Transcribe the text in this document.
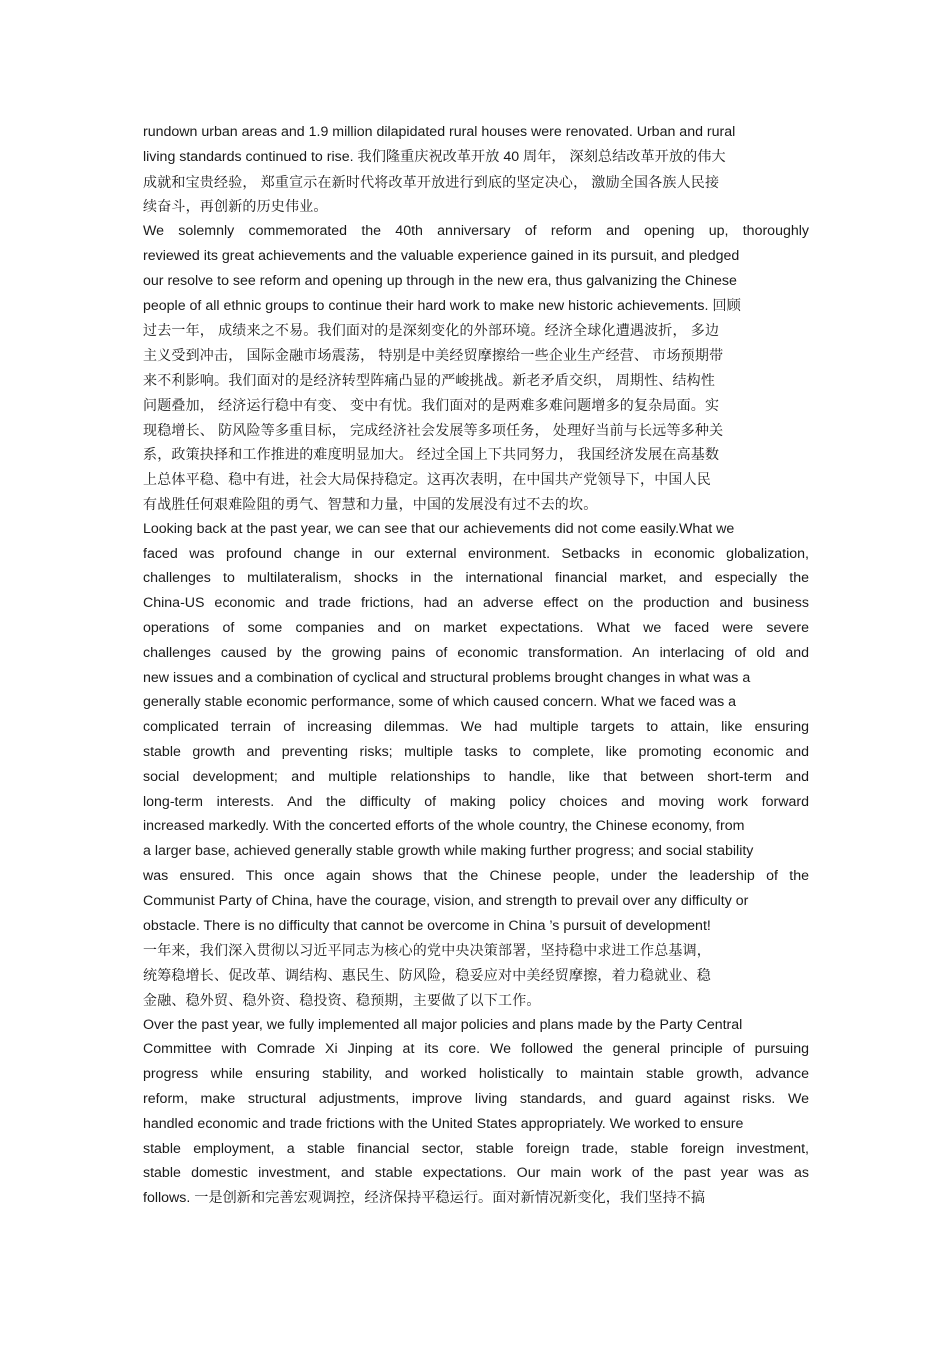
rundown urban areas and 1.9 million dilapidated rural houses were renovated. Urban and rural
living standards continued to rise. 我们隆重庆祝改革开放 40 周年， 深刻总结改革开放的伟大
成就和宝贵经验， 郑重宣示在新时代将改革开放进行到底的坚定决心， 激励全国各族人民接
续奋斗，再创新的历史伟业。
We solemnly commemorated the 40th anniversary of reform and opening up, thoroughly
reviewed its great achievements and the valuable experience gained in its pursuit, and pledged
our resolve to see reform and opening up through in the new era, thus galvanizing the Chinese
people of all ethnic groups to continue their hard work to make new historic achievements. 回顾
过去一年， 成绩来之不易。我们面对的是深刻变化的外部环境。经济全球化遭遇波折， 多边
主义受到冲击， 国际金融市场震荡， 特别是中美经贸摩擦给一些企业生产经营、 市场预期带
来不利影响。我们面对的是经济转型阵痛凸显的严峻挑战。新老矛盾交织， 周期性、结构性
问题叠加， 经济运行稳中有变、 变中有忧。我们面对的是两难多难问题增多的复杂局面。实
现稳增长、 防风险等多重目标， 完成经济社会发展等多项任务， 处理好当前与长远等多种关
系，政策抉择和工作推进的难度明显加大。 经过全国上下共同努力， 我国经济发展在高基数
上总体平稳、稳中有进，社会大局保持稳定。这再次表明，在中国共产党领导下，中国人民
有战胜任何艰难险阻的勇气、智慧和力量，中国的发展没有过不去的坎。
Looking back at the past year, we can see that our achievements did not come easily.What we
faced was profound change in our external environment. Setbacks in economic globalization,
challenges to multilateralism, shocks in the international financial market, and especially the
China-US economic and trade frictions, had an adverse effect on the production and business
operations of some companies and on market expectations. What we faced were severe
challenges caused by the growing pains of economic transformation. An interlacing of old and
new issues and a combination of cyclical and structural problems brought changes in what was a
generally stable economic performance, some of which caused concern. What we faced was a
complicated terrain of increasing dilemmas. We had multiple targets to attain, like ensuring
stable growth and preventing risks; multiple tasks to complete, like promoting economic and
social development; and multiple relationships to handle, like that between short-term and
long-term interests. And the difficulty of making policy choices and moving work forward
increased markedly. With the concerted efforts of the whole country, the Chinese economy, from
a larger base, achieved generally stable growth while making further progress; and social stability
was ensured. This once again shows that the Chinese people, under the leadership of the
Communist Party of China, have the courage, vision, and strength to prevail over any difficulty or
obstacle. There is no difficulty that cannot be overcome in China ’s pursuit of development!
一年来，我们深入贯彻以习近平同志为核心的党中央决策部署，坚持稳中求进工作总基调，
统筹稳增长、促改革、调结构、惠民生、防风险，稳妥应对中美经贸摩擦，着力稳就业、稳
金融、稳外贸、稳外资、稳投资、稳预期，主要做了以下工作。
Over the past year, we fully implemented all major policies and plans made by the Party Central
Committee with Comrade Xi Jinping at its core. We followed the general principle of pursuing
progress while ensuring stability, and worked holistically to maintain stable growth, advance
reform, make structural adjustments, improve living standards, and guard against risks. We
handled economic and trade frictions with the United States appropriately. We worked to ensure
stable employment, a stable financial sector, stable foreign trade, stable foreign investment,
stable domestic investment, and stable expectations. Our main work of the past year was as
follows. 一是创新和完善宏观调控，经济保持平稳运行。面对新情况新变化，我们坚持不搞
